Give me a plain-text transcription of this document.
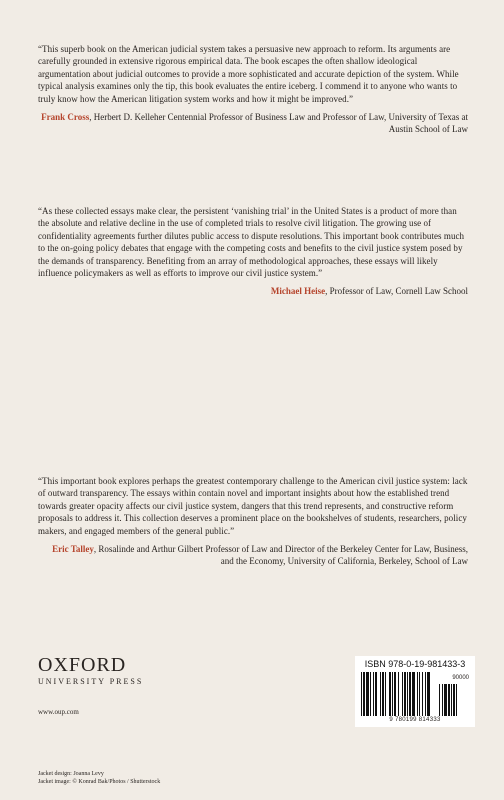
“This superb book on the American judicial system takes a persuasive new approach to reform. Its arguments are carefully grounded in extensive rigorous empirical data. The book escapes the often shallow ideological argumentation about judicial outcomes to provide a more sophisticated and accurate depiction of the system. While typical analysis examines only the tip, this book evaluates the entire iceberg. I commend it to anyone who wants to truly know how the American litigation system works and how it might be improved.”

Frank Cross, Herbert D. Kelleher Centennial Professor of Business Law and Professor of Law, University of Texas at Austin School of Law

“As these collected essays make clear, the persistent ‘vanishing trial’ in the United States is a product of more than the absolute and relative decline in the use of completed trials to resolve civil litigation. The growing use of confidentiality agreements further dilutes public access to dispute resolutions. This important book contributes much to the on-going policy debates that engage with the competing costs and benefits to the civil justice system posed by the demands of transparency. Benefiting from an array of methodological approaches, these essays will likely influence policymakers as well as efforts to improve our civil justice system.”

Michael Heise, Professor of Law, Cornell Law School

“This important book explores perhaps the greatest contemporary challenge to the American civil justice system: lack of outward transparency. The essays within contain novel and important insights about how the established trend towards greater opacity affects our civil justice system, dangers that this trend represents, and constructive reform proposals to address it. This collection deserves a prominent place on the bookshelves of students, researchers, policy makers, and engaged members of the general public.”

Eric Talley, Rosalinde and Arthur Gilbert Professor of Law and Director of the Berkeley Center for Law, Business, and the Economy, University of California, Berkeley, School of Law

OXFORD

UNIVERSITY PRESS

www.oup.com
Jacket design: Joanna Levy
Jacket image: © Konrad Bak/Photos / Shutterstock

ISBN 978-0-19-981433-3

90000
9 780199 814333
